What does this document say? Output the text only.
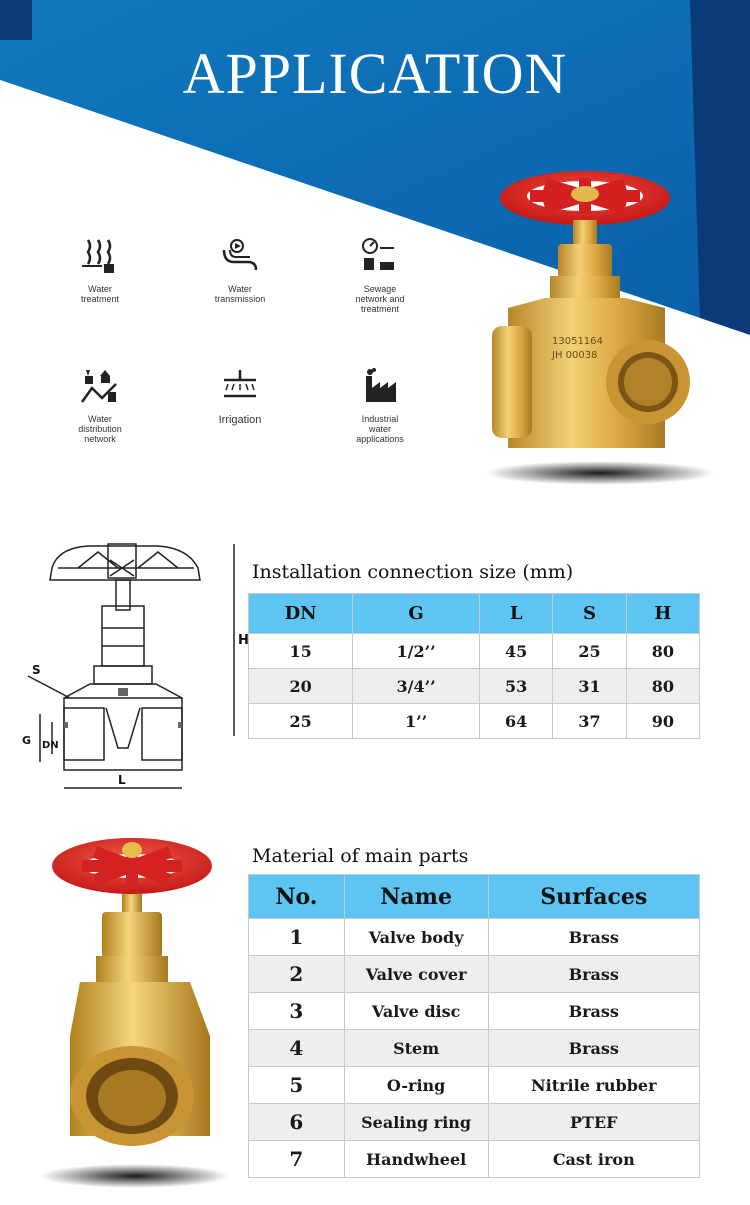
APPLICATION
Water
treatment
Water
transmission
Sewage
network and
treatment
Water
distribution
network
Irrigation	Industrial
water
applications
13051164
JH 00038
H
S
G DN
L
Installation connection size (mm)
DN	G	L	S	H
15	1/2’’	45	25	80
20	3/4’’	53	31	80
25	1’’	64	37	90
Material of main parts
No.	Name	Surfaces
1	Valve body	Brass
2	Valve cover	Brass
3	Valve disc	Brass
4	Stem	Brass
5	O-ring	Nitrile rubber
6	Sealing ring	PTEF
7	Handwheel	Cast iron
